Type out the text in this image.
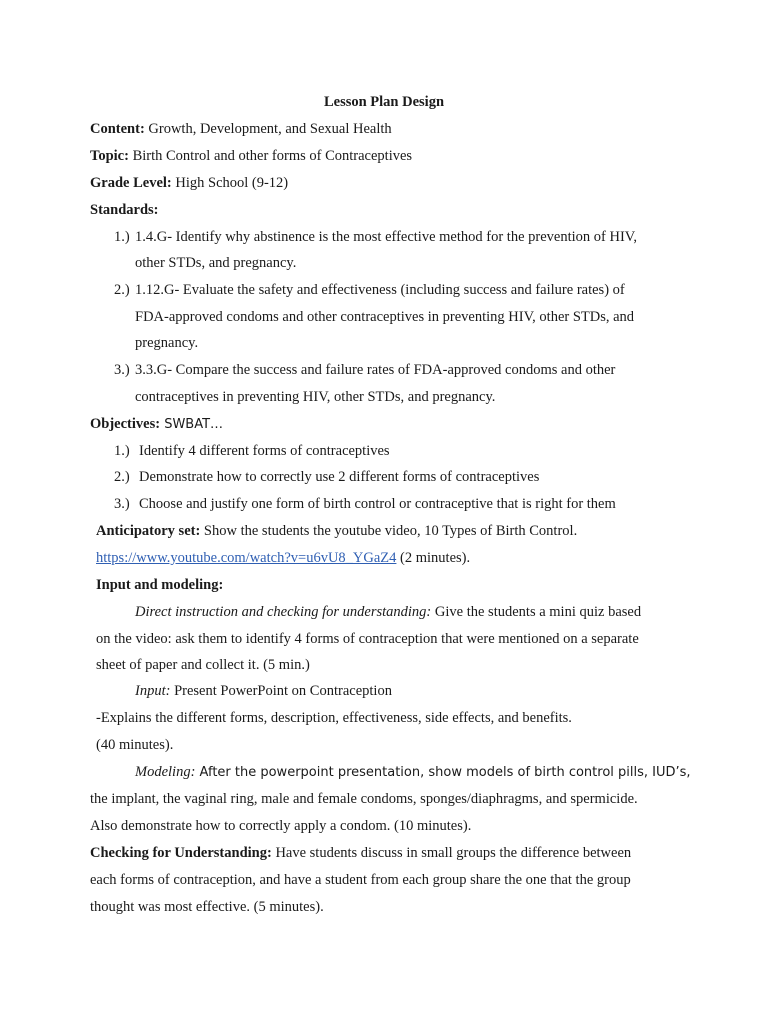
Lesson Plan Design
Content: Growth, Development, and Sexual Health
Topic: Birth Control and other forms of Contraceptives
Grade Level: High School (9-12)
Standards:
1.) 1.4.G- Identify why abstinence is the most effective method for the prevention of HIV,
other STDs, and pregnancy.
2.) 1.12.G- Evaluate the safety and effectiveness (including success and failure rates) of
FDA-approved condoms and other contraceptives in preventing HIV, other STDs, and
pregnancy.
3.) 3.3.G- Compare the success and failure rates of FDA-approved condoms and other
contraceptives in preventing HIV, other STDs, and pregnancy.
Objectives: SWBAT…
1.) Identify 4 different forms of contraceptives
2.) Demonstrate how to correctly use 2 different forms of contraceptives
3.) Choose and justify one form of birth control or contraceptive that is right for them
Anticipatory set: Show the students the youtube video, 10 Types of Birth Control.
https://www.youtube.com/watch?v=u6vU8_YGaZ4 (2 minutes).
Input and modeling:
Direct instruction and checking for understanding: Give the students a mini quiz based
on the video: ask them to identify 4 forms of contraception that were mentioned on a separate
sheet of paper and collect it. (5 min.)
Input: Present PowerPoint on Contraception
-Explains the different forms, description, effectiveness, side effects, and benefits.
(40 minutes).
Modeling: After the powerpoint presentation, show models of birth control pills, IUD’s,
the implant, the vaginal ring, male and female condoms, sponges/diaphragms, and spermicide.
Also demonstrate how to correctly apply a condom. (10 minutes).
Checking for Understanding: Have students discuss in small groups the difference between
each forms of contraception, and have a student from each group share the one that the group
thought was most effective. (5 minutes).
